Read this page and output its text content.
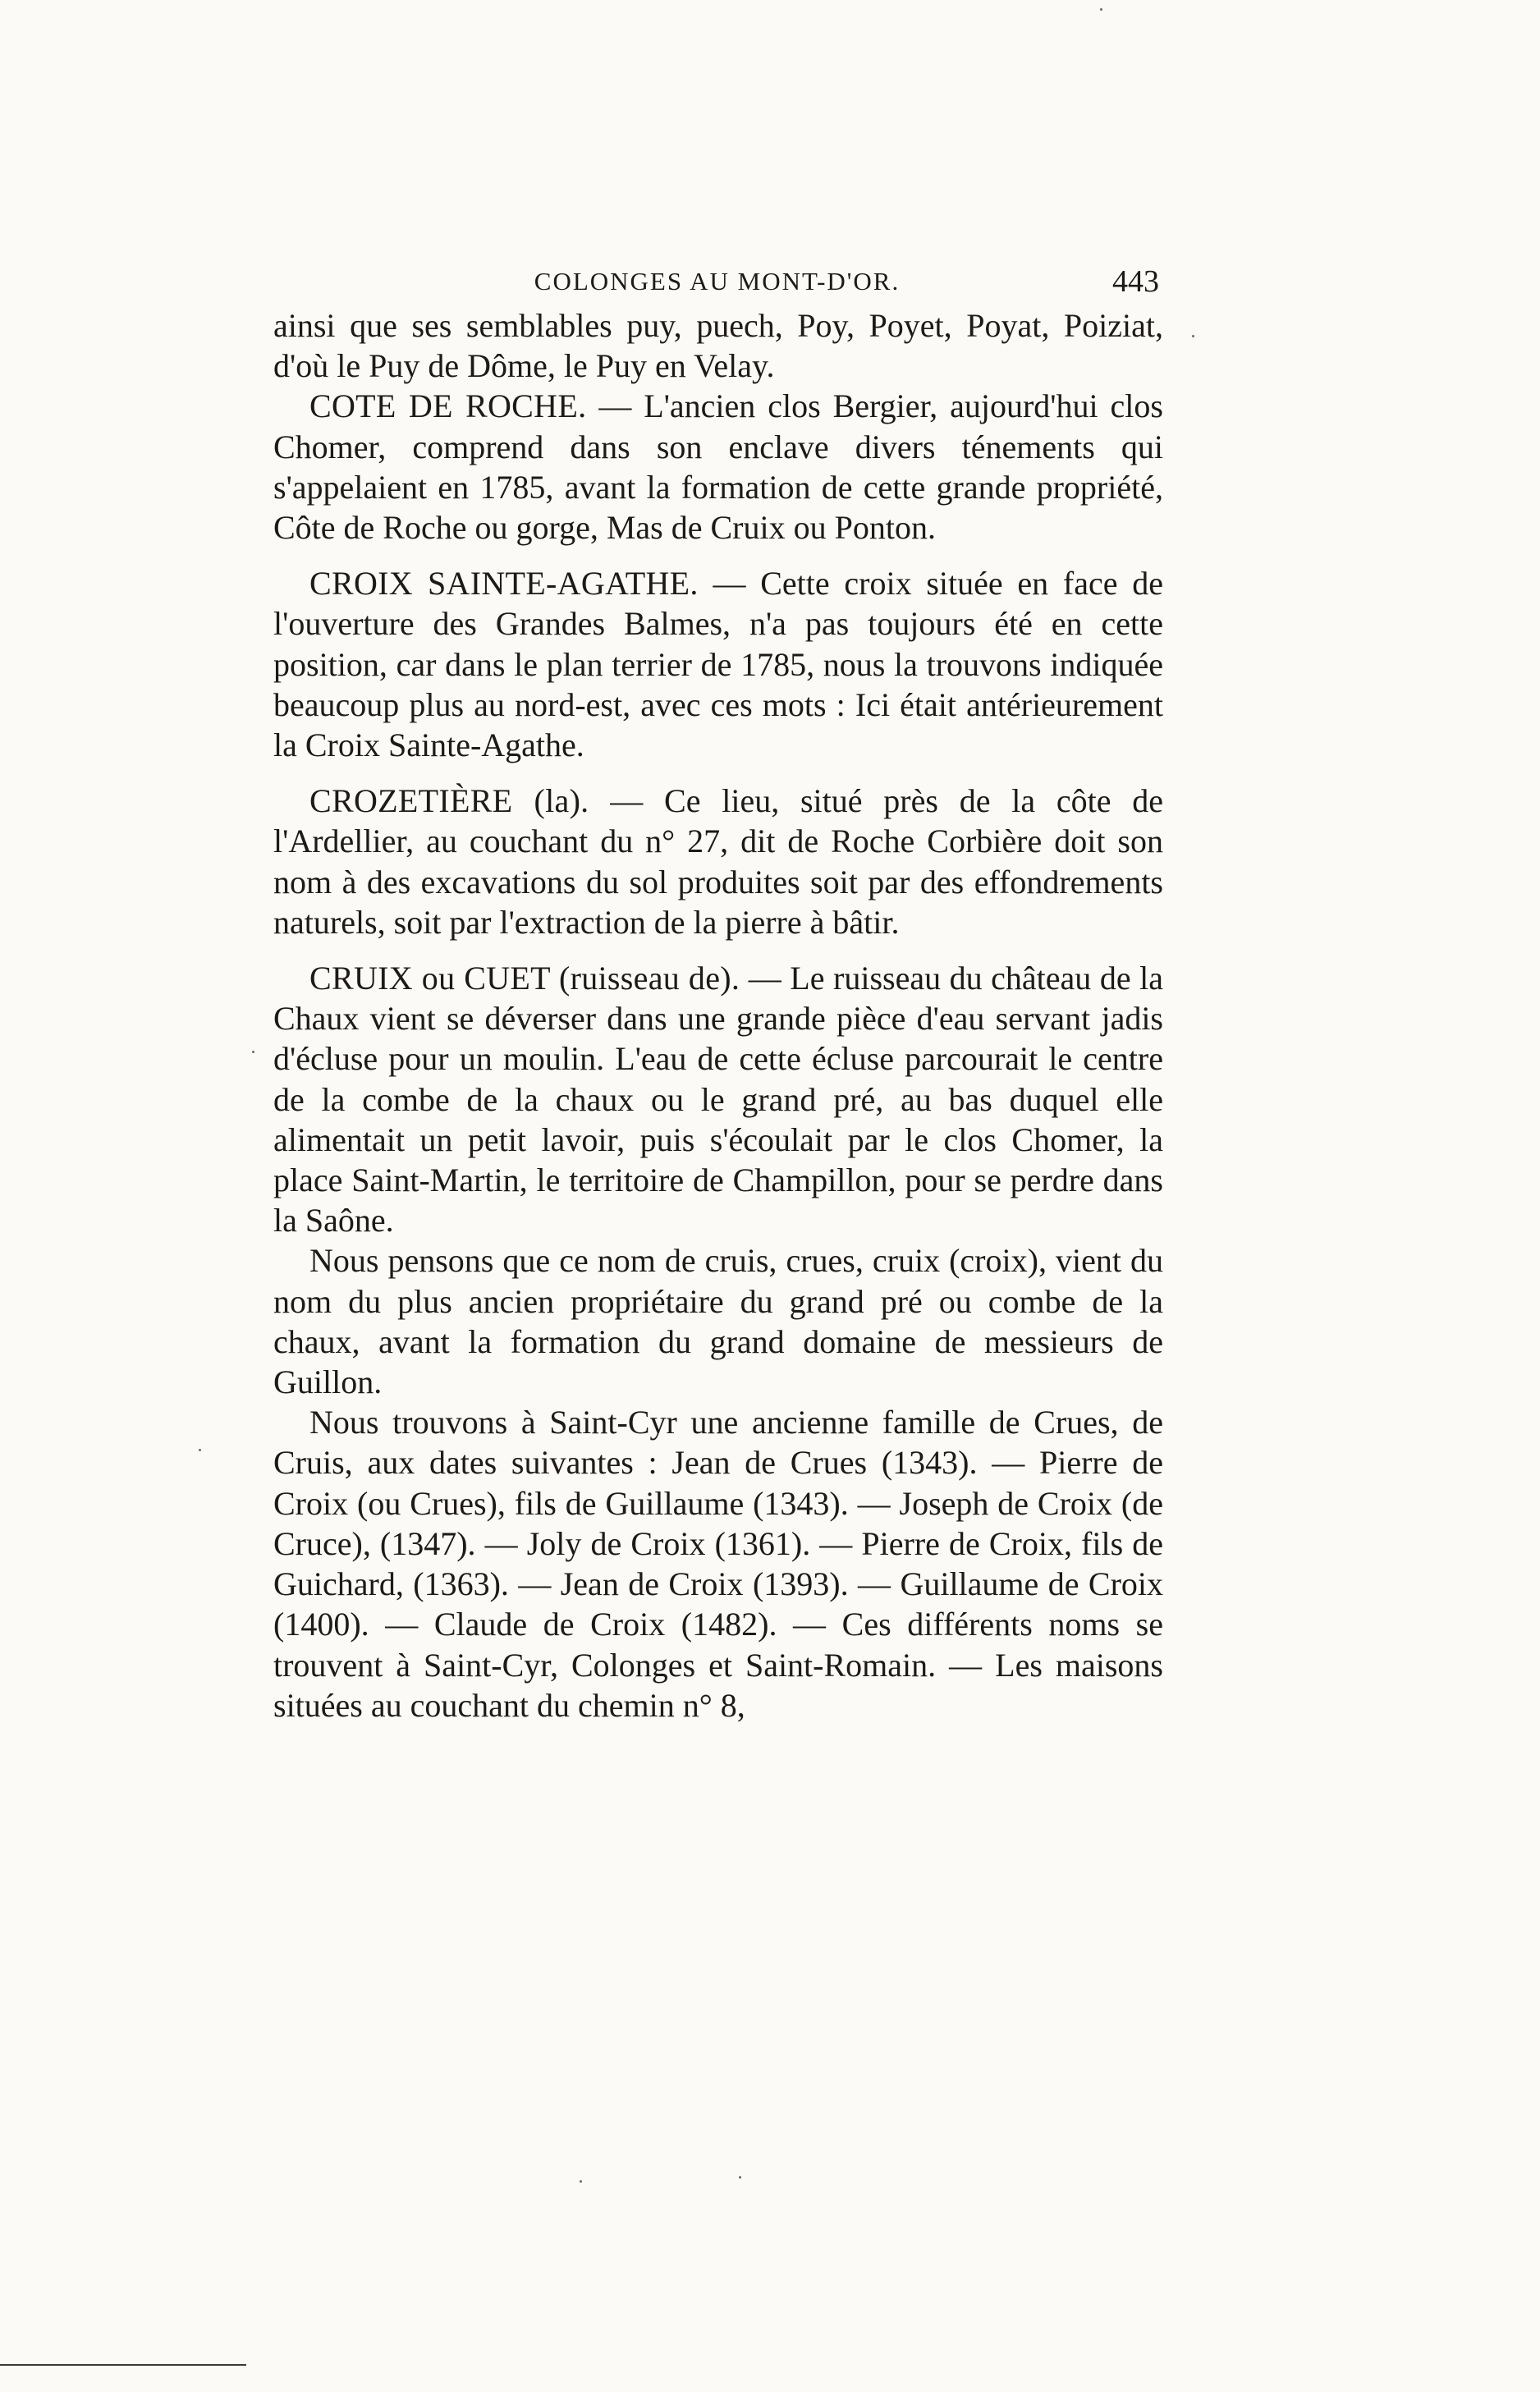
COLONGES AU MONT-D'OR.	443

ainsi que ses semblables puy, puech, Poy, Poyet, Poyat, Poiziat, d'où le Puy de Dôme, le Puy en Velay.

COTE DE ROCHE. — L'ancien clos Bergier, aujourd'hui clos Chomer, comprend dans son enclave divers ténements qui s'appelaient en 1785, avant la formation de cette grande propriété, Côte de Roche ou gorge, Mas de Cruix ou Ponton.

CROIX SAINTE-AGATHE. — Cette croix située en face de l'ouverture des Grandes Balmes, n'a pas toujours été en cette position, car dans le plan terrier de 1785, nous la trouvons indiquée beaucoup plus au nord-est, avec ces mots : Ici était antérieurement la Croix Sainte-Agathe.

CROZETIÈRE (la). — Ce lieu, situé près de la côte de l'Ardellier, au couchant du n° 27, dit de Roche Corbière doit son nom à des excavations du sol produites soit par des effondrements naturels, soit par l'extraction de la pierre à bâtir.

CRUIX ou CUET (ruisseau de). — Le ruisseau du château de la Chaux vient se déverser dans une grande pièce d'eau servant jadis d'écluse pour un moulin. L'eau de cette écluse parcourait le centre de la combe de la chaux ou le grand pré, au bas duquel elle alimentait un petit lavoir, puis s'écoulait par le clos Chomer, la place Saint-Martin, le territoire de Champillon, pour se perdre dans la Saône.

Nous pensons que ce nom de cruis, crues, cruix (croix), vient du nom du plus ancien propriétaire du grand pré ou combe de la chaux, avant la formation du grand domaine de messieurs de Guillon.

Nous trouvons à Saint-Cyr une ancienne famille de Crues, de Cruis, aux dates suivantes : Jean de Crues (1343). — Pierre de Croix (ou Crues), fils de Guillaume (1343). — Joseph de Croix (de Cruce), (1347). — Joly de Croix (1361). — Pierre de Croix, fils de Guichard, (1363). — Jean de Croix (1393). — Guillaume de Croix (1400). — Claude de Croix (1482). — Ces différents noms se trouvent à Saint-Cyr, Colonges et Saint-Romain. — Les maisons situées au couchant du chemin n° 8,
